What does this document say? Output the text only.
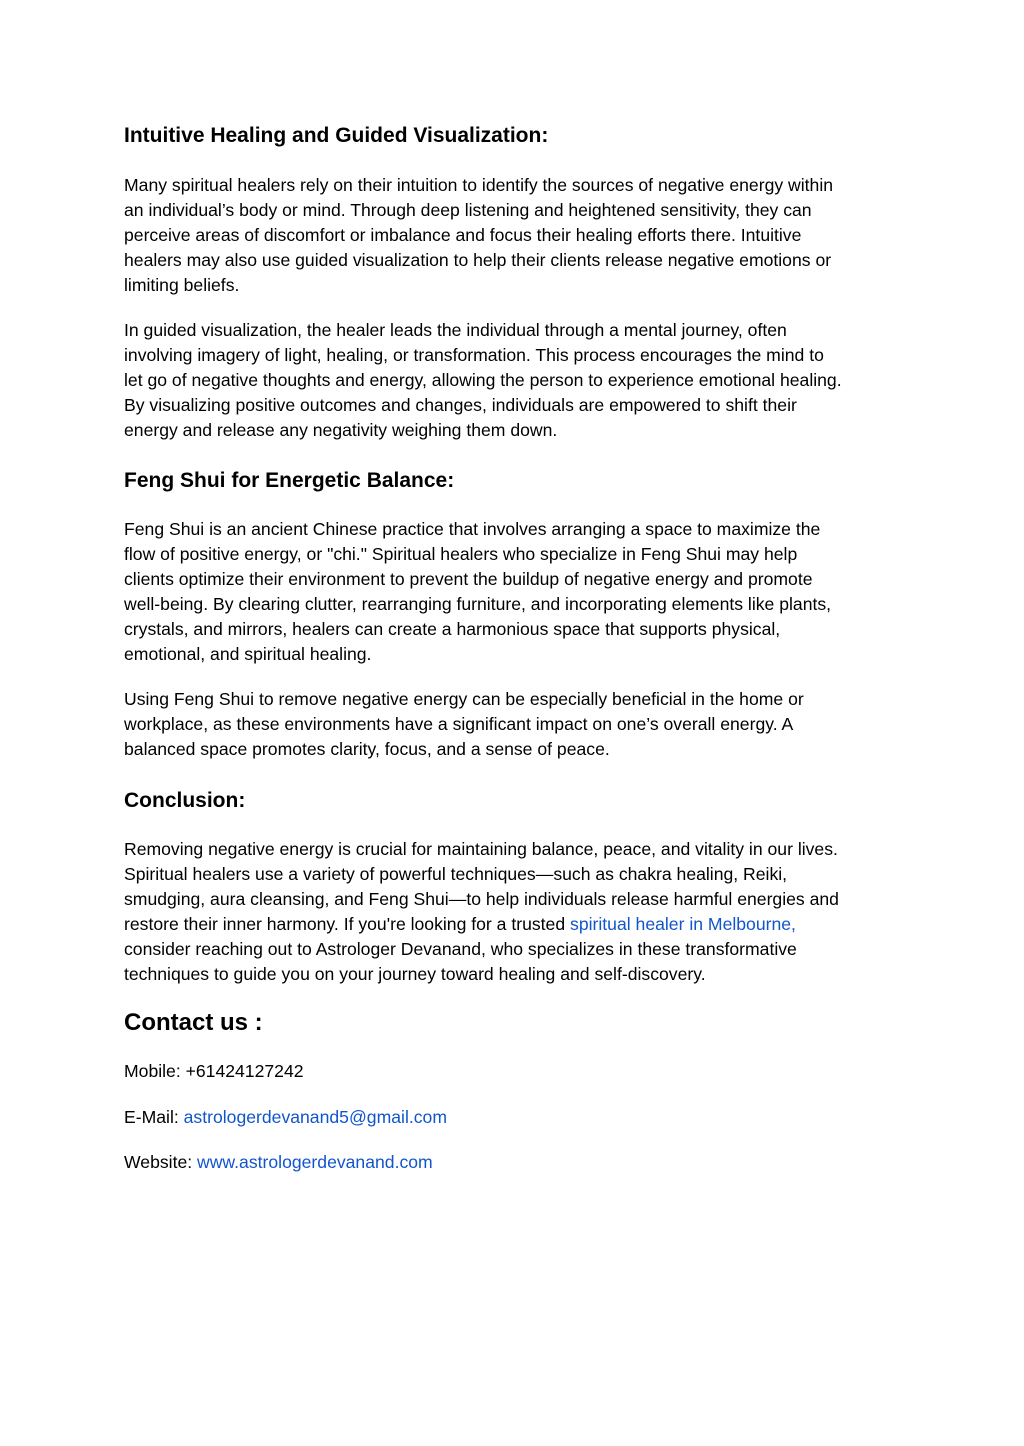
Intuitive Healing and Guided Visualization:

Many spiritual healers rely on their intuition to identify the sources of negative energy within
an individual’s body or mind. Through deep listening and heightened sensitivity, they can
perceive areas of discomfort or imbalance and focus their healing efforts there. Intuitive
healers may also use guided visualization to help their clients release negative emotions or
limiting beliefs.

In guided visualization, the healer leads the individual through a mental journey, often
involving imagery of light, healing, or transformation. This process encourages the mind to
let go of negative thoughts and energy, allowing the person to experience emotional healing.
By visualizing positive outcomes and changes, individuals are empowered to shift their
energy and release any negativity weighing them down.

Feng Shui for Energetic Balance:

Feng Shui is an ancient Chinese practice that involves arranging a space to maximize the
flow of positive energy, or "chi." Spiritual healers who specialize in Feng Shui may help
clients optimize their environment to prevent the buildup of negative energy and promote
well-being. By clearing clutter, rearranging furniture, and incorporating elements like plants,
crystals, and mirrors, healers can create a harmonious space that supports physical,
emotional, and spiritual healing.

Using Feng Shui to remove negative energy can be especially beneficial in the home or
workplace, as these environments have a significant impact on one’s overall energy. A
balanced space promotes clarity, focus, and a sense of peace.

Conclusion:

Removing negative energy is crucial for maintaining balance, peace, and vitality in our lives.
Spiritual healers use a variety of powerful techniques—such as chakra healing, Reiki,
smudging, aura cleansing, and Feng Shui—to help individuals release harmful energies and
restore their inner harmony. If you're looking for a trusted spiritual healer in Melbourne,
consider reaching out to Astrologer Devanand, who specializes in these transformative
techniques to guide you on your journey toward healing and self-discovery.

Contact us :

Mobile: +61424127242

E-Mail: astrologerdevanand5@gmail.com

Website: www.astrologerdevanand.com
